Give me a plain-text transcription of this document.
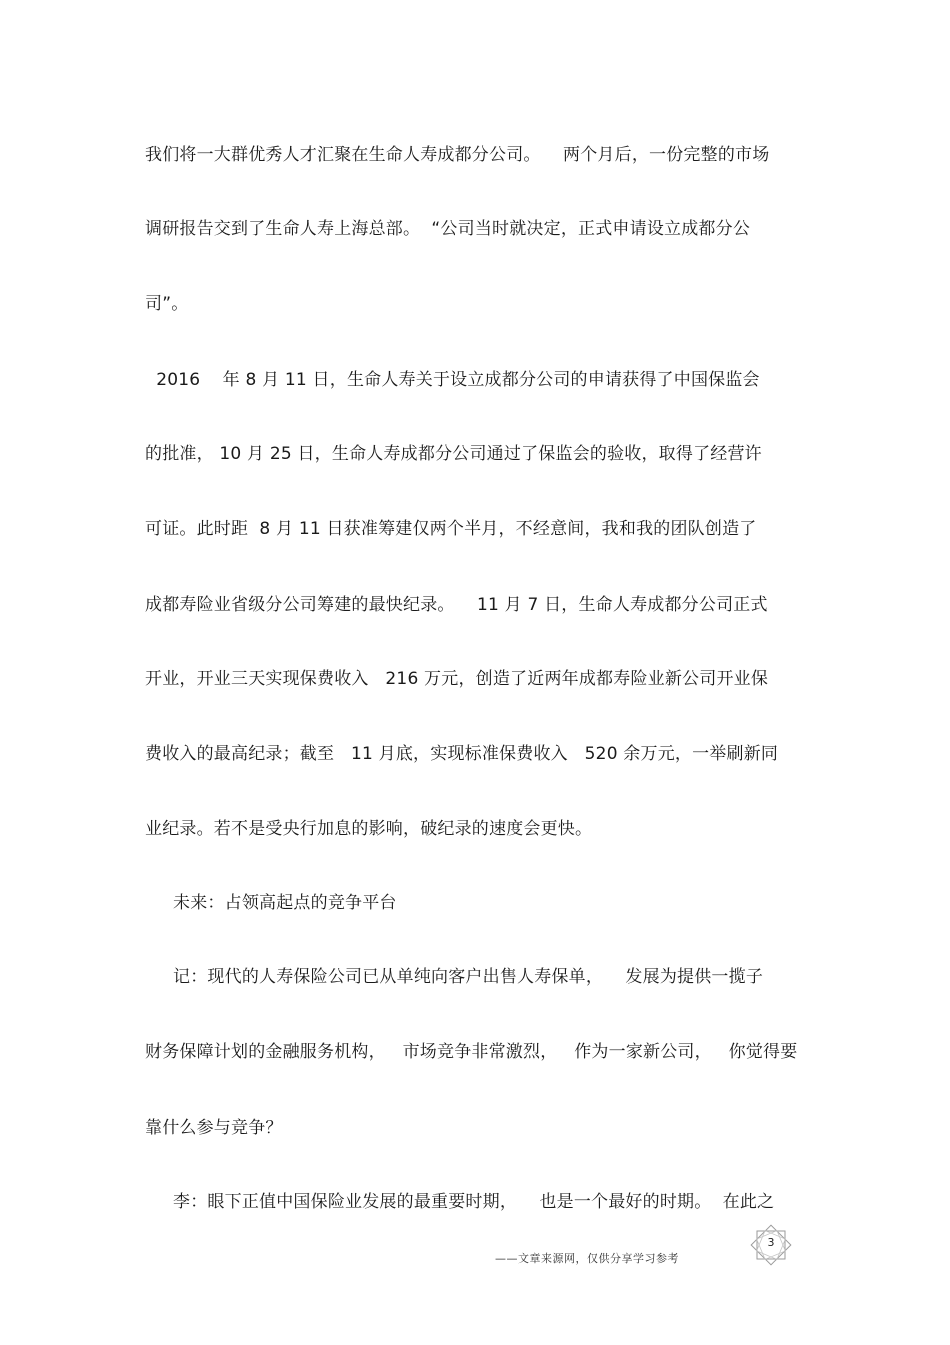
我们将一大群优秀人才汇聚在生命人寿成都分公司。    两个月后，一份完整的市场
调研报告交到了生命人寿上海总部。  “公司当时就决定，正式申请设立成都分公
司”。
2016    年 8 月 11 日，生命人寿关于设立成都分公司的申请获得了中国保监会
的批准， 10 月 25 日，生命人寿成都分公司通过了保监会的验收，取得了经营许
可证。此时距  8 月 11 日获准筹建仅两个半月，不经意间，我和我的团队创造了
成都寿险业省级分公司筹建的最快纪录。    11 月 7 日，生命人寿成都分公司正式
开业，开业三天实现保费收入   216 万元，创造了近两年成都寿险业新公司开业保
费收入的最高纪录；截至   11 月底，实现标准保费收入   520 余万元，一举刷新同
业纪录。若不是受央行加息的影响，破纪录的速度会更快。
未来：占领高起点的竞争平台
记：现代的人寿保险公司已从单纯向客户出售人寿保单，    发展为提供一揽子
财务保障计划的金融服务机构，   市场竞争非常激烈，   作为一家新公司，   你觉得要
靠什么参与竞争？
李：眼下正值中国保险业发展的最重要时期，    也是一个最好的时期。  在此之
3
——文章来源网，仅供分享学习参考
